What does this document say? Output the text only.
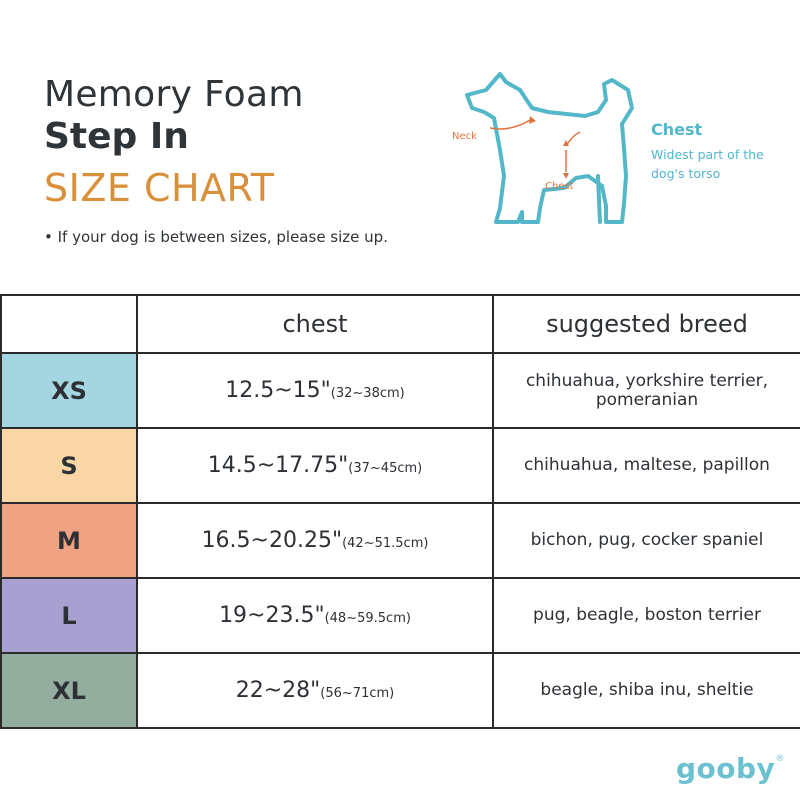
Memory Foam
Step In
SIZE CHART
• If your dog is between sizes, please size up.
Neck
Chest
Chest
Widest part of the dog's torso
	chest	suggested breed
XS	12.5~15"(32~38cm)	chihuahua, yorkshire terrier, pomeranian
S	14.5~17.75"(37~45cm)	chihuahua, maltese, papillon
M	16.5~20.25"(42~51.5cm)	bichon, pug, cocker spaniel
L	19~23.5"(48~59.5cm)	pug, beagle, boston terrier
XL	22~28"(56~71cm)	beagle, shiba inu, sheltie
gooby®
